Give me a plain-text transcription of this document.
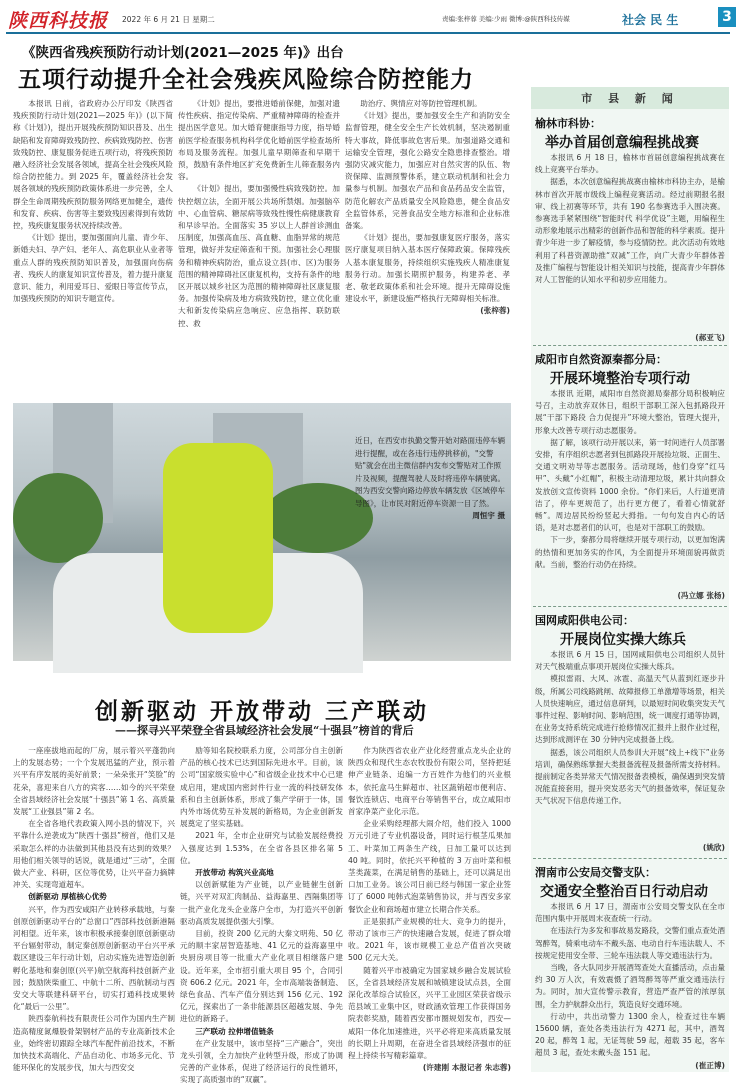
陕西科技报 2022 年 6 月 21 日 星期二	责编:张梓蓉 美编:少雨 微博:@陕西科技传媒	社会 民 生	3
《陕西省残疾预防行动计划(2021—2025 年)》出台
五项行动提升全社会残疾风险综合防控能力

本报讯 日前，省政府办公厅印发《陕西省残疾预防行动计划(2021—2025 年)》(以下简称《计划》)，提出开展残疾预防知识普及、出生缺陷和发育障碍致残防控、疾病致残防控、伤害致残防控、康复服务促进五项行动，将残疾预防融入经济社会发展各领域，提高全社会残疾风险综合防控能力。到 2025 年，覆盖经济社会发展各领域的残疾预防政策体系进一步完善，全人群全生命周期残疾预防服务网络更加健全，遗传和发育、疾病、伤害等主要致残因素得到有效防控，残疾康复服务状况持续改善。

《计划》提出，要加强面向儿童、青少年、新婚夫妇、孕产妇、老年人、高危职业从业者等重点人群的残疾预防知识普及，加强面向伤病者、残疾人的康复知识宣传普及，着力提升康复意识、能力，利用爱耳日、爱眼日等宣传节点，加强残疾预防的知识专题宣传。

《计划》提出，要推进婚前保健，加强对遗传性疾病、指定传染病、严重精神障碍的检查并提出医学意见。加大婚育健康指导力度，指导婚前医学检查服务机构科学优化婚前医学检查场所布局及服务流程。加强儿童早期筛查和早期干预，鼓励有条件地区扩充免费新生儿筛查服务内容。

《计划》提出，要加强慢性病致残防控。加快控烟立法，全面开展公共场所禁烟。加强脑卒中、心血管病、糖尿病等致残性慢性病健康教育和早诊早治。全面落实 35 岁以上人群首诊测血压制度，加强高血压、高血糖、血脂异常的规范管理，做好并发症筛查和干预。加强社会心理服务和精神疾病防治，重点设立县(市、区)为服务范围的精神障碍社区康复机构，支持有条件的地区开展以城乡社区为范围的精神障碍社区康复服务。加强传染病及地方病致残防控，建立优化重大和新发传染病应急响应、应急指挥、联防联控、救

助治疗、舆情应对等防控管理机制。

《计划》提出，要加强安全生产和消防安全监督管理，健全安全生产长效机制，坚决遏制重特大事故，降低事故危害后果。加强道路交通和运输安全管理，强化公路安全隐患排查整治。增强防灾减灾能力，加强应对自然灾害的队伍、物资保障、监测预警体系，建立联动机制和社会力量参与机制。加强农产品和食品药品安全监管，防范化解农产品质量安全风险隐患，健全食品安全监管体系，完善食品安全地方标准和企业标准备案。

《计划》提出，要加强康复医疗服务，落实医疗康复项目纳入基本医疗保障政策。保障残疾人基本康复服务，持续组织实施残疾人精准康复服务行动。加强长期照护服务，构建养老、孝老、敬老政策体系和社会环境。提升无障碍设施建设水平，新建设施严格执行无障碍相关标准。

(张梓蓉)
近日，在西安市执勤交警开始对路面违停车辆进行提醒，或在各违行违停挑移前，"交警贴"就会在出主微信群内发布交警贴对工作照片及视频，提醒驾驶人及时将违停车辆驶离。图为西安交警向路边停放车辆发放《区域停车导图》，让市民对附近停车资源一目了然。
周恒宇 摄
创新驱动 开放带动 三产联动
——探寻兴平荣登全省县域经济社会发展“十强县”榜首的背后

一座座拔地而起的厂房，展示着兴平蓬勃向上的发展态势；一个个发展迅猛的产业，预示着兴平有序发展的美好前景；一朵朵张开“笑脸”的花朵，喜迎来自八方的宾客……如今的兴平荣登全省县域经济社会发展“十强县”第 1 名、高质量发展“工业强县”第 2 名。

在全省各地代表政策入网小县的情况下，兴平靠什么逆袭成为“陕西十强县”榜首，他们又是采取怎么样的办法做到其他县没有达到的效果？用他们相关领导的话说，就是通过“三动”，全面做大产业、科研，区位等优势，让兴平奋力摘牌冲关、实现弯道超车。

创新驱动 厚植核心优势

兴平，作为西安咸阳产业转移承载地，与秦创原创新驱动平台的“总窗口”西部科技创新港隔河相望。近年来，该市积极承接秦创原创新驱动平台辐射带动，制定秦创原创新驱动平台兴平承载区建设三年行动计划，启动实施先进智造创新孵化基地和秦创原(兴平)航空航海科技创新产业园；鼓励陕柴重工、中航十二所、西航制动与西安交大等联建科研平台，切实打通科技成果转化“最后一公里”。

陕西泰航科技有限责任公司作为国内生产制造高精度氮爆股骨架钢材产品的专业高新技术企业，始终密切跟踪全球汽车配件前沿技术，不断加快技术高端化、产品自动化、市场多元化、节能环保化的发展步伐，加大与西安交

励等知名院校联系力度，公司部分自主创新产品的核心技术已达到国际先进水平。目前，该公司“国家级实验中心”和省级企业技术中心已建成启用，建成国内密封件行业一流的科技研发体系和自主创新体系，形成了集产学研于一体，国内外市场优势互补发展的新格局，为企业创新发展奠定了坚实基础。

2021 年，全市企业研究与试验发展经费投入强度达到 1.53%，在全省各县区排名第 5 位。

开放带动 构筑兴业高地

以创新赋能为产业链，以产业链催生创新链，兴平对双汇肉制品、益海嘉里、西隔集团等一批产业化龙头企业落户全市，为打造兴平创新驱动高质发展提供强大引擎。

目前，投资 200 亿元的大秦文明苑、50 亿元的顺丰家居智造基地、41 亿元的益海嘉里中央厨房项目等一批重大产业化项目相继落户建设。近年来，全市招引重大项目 95 个，合同引资 606.2 亿元。2021 年，全市高端装备制造、绿色食品、汽车产值分别达到 156 亿元、192 亿元，探索出了一条非能源县区超越发展、争先进位的新路子。

三产联动 拉伸增值链条

在产业发展中，该市坚持“三产融合”，突出龙头引领，全力加快产业转型升级，形成了协调完善的产业体系，促进了经济运行的良性循环，实现了高质强市的“双赢”。

作为陕西省农业产业化经营重点龙头企业的陕西众和现代生态农牧股份有限公司，坚持把延伸产业链条、追编一方百姓作为他们的兴业根本，依托盒马生鲜超市、社区蔬销超市便利店、餐饮连锁店、电商平台等销售平台，成立咸阳市首家净菜产业化示范。

企业采购经理都大闹介绍，他们投入 1000 万元引进了专业机器设备，同时运行根茎瓜果加工、叶菜加工两条生产线，日加工量可以达到 40 吨。同时，依托兴平种植的 3 万亩叶菜和根茎类蔬菜，在满足销售的基础上，还可以满足出口加工业务。该公司日前已经与韩国一家企业签订了 6000 吨韩式泡菜销售协议，并与西安多家餐饮企业和商场超市建立长期合作关系。

正是狠抓产业规模的壮大、竞争力的提升，带动了该市三产的快速融合发展，促进了群众增收。2021 年，该市规模工业总产值首次突破 500 亿元大关。

随着兴平市被确定为国家城乡融合发展试验区，全省县域经济发展和城镇建设试点县，全面深化改革综合试验区，兴平工业园区荣获省级示范县域工业集中区，财政涵欢管理工作获得国务院表彰奖励，随着西安都市圈规划发布，西安—咸阳一体化加速推进，兴平必将迎来高质量发展的长期上升周期，在奋进全省县域经济强市的征程上持续书写精彩篇章。

(许建刚 本报记者 朱志蓉)
市 县 新 闻
榆林市科协：
举办首届创意编程挑战赛

本报讯 6 月 18 日，榆林市首届创意编程挑战赛在线上竞赛平台举办。

据悉，本次创意编程挑战赛由榆林市科协主办，是榆林市首次开展市级线上编程竞赛活动。经过前期报名报审、线上初赛等环节，共有 190 名参赛选手入围决赛。参赛选手紧紧围绕“智能时代 科学优设”主题，用编程生动形象地展示出精彩的创新作品和智能的科学素质。提升青少年进一步了解疫情，参与疫情防控。此次活动有效地利用了科普资源助推“双减”工作，向广大青少年群体普及推广编程与智能设计相关知识与技能，提高青少年群体对人工智能的认知水平和初步应用能力。

(郝亚飞)
咸阳市自然资源秦都分局：
开展环境整治专项行动

本报讯 近期，咸阳市自然资源局秦都分局积极响应号召，主动放弃双休日，组织干部职工深入包抓路段开展“干部下路段 合力促提升”环境大整治，管理大提升，形象大改善专项行动志愿服务。

据了解，该项行动开展以来，第一时间进行人员部署安排，有序组织志愿者到包抓路段开展捡垃圾、正面生、交通文明劝导等志愿服务。活动现场，他们身穿“红马甲”、头戴“小红帽”，积极主动清理垃圾，累计共向群众发放创文宣传资料 1000 余份。“你们来后，人行道更清洁了，停车更规范了，出行更方便了，看着心情就舒畅”。周边居民纷纷竖起大拇指。一句句发自内心的话语，是对志愿者们的认可，也是对干部职工的鼓励。

下一步，秦都分局将继续开展专项行动，以更加饱满的热情和更加务实的作风，为全面提升环境面貌再做贡献。当前，整治行动仍在持续。

(冯立娜 张杨)
国网咸阳供电公司：
开展岗位实操大练兵

本报讯 6 月 15 日，国网咸阳供电公司组织人员针对天气极端重点事项开展岗位实操大练兵。

模拟雷雨、大风、冰雹、高温天气从蓝到红逐步升级，所属公司线路跳闸、故障报修工单激增等场景，相关人员快速响应，通过信息研判，以最短时间收集突发天气事件过程、影响时间、影响范围，统一调度打通等协调，在业务支持系统完成进行抢修情况汇报并上报作业过程，达到形成测评在 30 分钟内完成报备上线。

据悉，该公司组织人员参训大开展“线上+线下”业务培训，确保熟练掌握大类报备流程及报备所需支持材料。提前制定各类异常天气情况报备表模板，确保遇到突发情况能直接套用，提升突发恶劣天气的报备效率，保证复杂天气状况下信息传递工作。

(姚欣)
渭南市公安局交警支队：
交通安全整治百日行动启动

本报讯 6 月 17 日，渭南市公安局交警支队在全市范围内集中开展周末夜查统一行动。

在违法行为多发和事故易发路段，交警们重点查处酒驾醉驾，骑乘电动车不戴头盔、电动自行车违法载人、不按规定使用安全带、三轮车违法载人等交通违法行为。

当晚，各大队同步开展酒驾查处大直播活动，点击量约 30 万人次，有效震慑了酒驾醉驾等严重交通违法行为。同时，加大宣传警示教育，营造严查严管的浓厚氛围，全力护航群众出行，筑造良好交通环境。

行动中，共出动警力 1300 余人，检查过往车辆 15600 辆，查处各类违法行为 4271 起，其中，酒驾 20 起，醉驾 1 起，无证驾驶 59 起，超载 35 起，客车超员 3 起，查处未戴头盔 151 起。

(崔正博)
